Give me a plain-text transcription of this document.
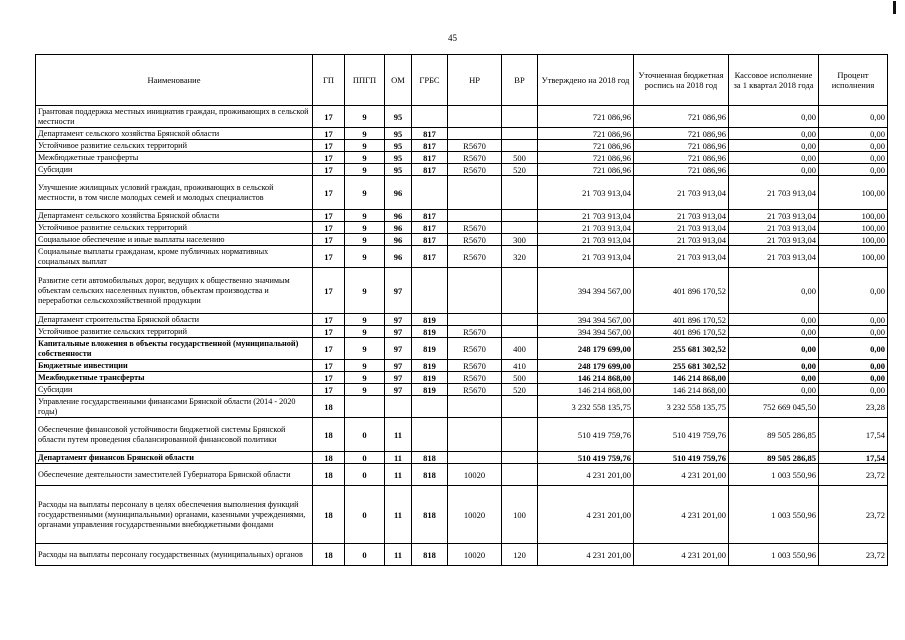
45
Наименование	ГП	ППГП	ОМ	ГРБС	НР	ВР	Утверждено на 2018 год	Уточненная бюджетная роспись на 2018 год	Кассовое исполнение за 1 квартал 2018 года	Процент исполнения
Грантовая поддержка местных инициатив граждан, проживающих в сельской местности	17	9	95				721 086,96	721 086,96	0,00	0,00
Департамент сельского хозяйства Брянской области	17	9	95	817			721 086,96	721 086,96	0,00	0,00
Устойчивое развитие сельских территорий	17	9	95	817	R5670		721 086,96	721 086,96	0,00	0,00
Межбюджетные трансферты	17	9	95	817	R5670	500	721 086,96	721 086,96	0,00	0,00
Субсидии	17	9	95	817	R5670	520	721 086,96	721 086,96	0,00	0,00
Улучшение жилищных условий граждан, проживающих в сельской местности, в том числе молодых семей и молодых специалистов	17	9	96				21 703 913,04	21 703 913,04	21 703 913,04	100,00
Департамент сельского хозяйства Брянской области	17	9	96	817			21 703 913,04	21 703 913,04	21 703 913,04	100,00
Устойчивое развитие сельских территорий	17	9	96	817	R5670		21 703 913,04	21 703 913,04	21 703 913,04	100,00
Социальное обеспечение и иные выплаты населению	17	9	96	817	R5670	300	21 703 913,04	21 703 913,04	21 703 913,04	100,00
Социальные выплаты гражданам, кроме публичных нормативных социальных выплат	17	9	96	817	R5670	320	21 703 913,04	21 703 913,04	21 703 913,04	100,00
Развитие сети автомобильных дорог, ведущих к общественно значимым объектам сельских населенных пунктов, объектам производства и переработки сельскохозяйственной продукции	17	9	97				394 394 567,00	401 896 170,52	0,00	0,00
Департамент строительства Брянской области	17	9	97	819			394 394 567,00	401 896 170,52	0,00	0,00
Устойчивое развитие сельских территорий	17	9	97	819	R5670		394 394 567,00	401 896 170,52	0,00	0,00
Капитальные вложения в объекты государственной (муниципальной) собственности	17	9	97	819	R5670	400	248 179 699,00	255 681 302,52	0,00	0,00
Бюджетные инвестиции	17	9	97	819	R5670	410	248 179 699,00	255 681 302,52	0,00	0,00
Межбюджетные трансферты	17	9	97	819	R5670	500	146 214 868,00	146 214 868,00	0,00	0,00
Субсидии	17	9	97	819	R5670	520	146 214 868,00	146 214 868,00	0,00	0,00
Управление государственными финансами Брянской области (2014 - 2020 годы)	18						3 232 558 135,75	3 232 558 135,75	752 669 045,50	23,28
Обеспечение финансовой устойчивости бюджетной системы Брянской области путем проведения сбалансированной финансовой политики	18	0	11				510 419 759,76	510 419 759,76	89 505 286,85	17,54
Департамент финансов Брянской области	18	0	11	818			510 419 759,76	510 419 759,76	89 505 286,85	17,54
Обеспечение деятельности заместителей Губернатора Брянской области	18	0	11	818	10020		4 231 201,00	4 231 201,00	1 003 550,96	23,72
Расходы на выплаты персоналу в целях обеспечения выполнения функций государственными (муниципальными) органами, казенными учреждениями, органами управления государственными внебюджетными фондами	18	0	11	818	10020	100	4 231 201,00	4 231 201,00	1 003 550,96	23,72
Расходы на выплаты персоналу государственных (муниципальных) органов	18	0	11	818	10020	120	4 231 201,00	4 231 201,00	1 003 550,96	23,72
